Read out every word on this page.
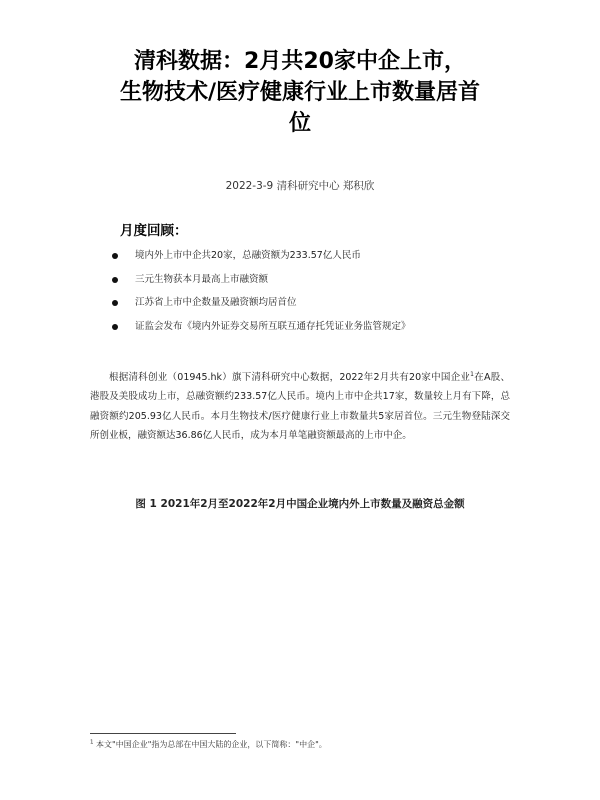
清科数据：2月共20家中企上市，
生物技术/医疗健康行业上市数量居首
位
2022-3-9 清科研究中心 郑积欣
月度回顾：
境内外上市中企共20家，总融资额为233.57亿人民币
三元生物获本月最高上市融资额
江苏省上市中企数量及融资额均居首位
证监会发布《境内外证券交易所互联互通存托凭证业务监管规定》

根据清科创业（01945.hk）旗下清科研究中心数据，2022年2月共有20家中国企业$^1$在A股、港股及美股成功上市，总融资额约233.57亿人民币。境内上市中企共17家，数量较上月有下降，总融资额约205.93亿人民币。本月生物技术/医疗健康行业上市数量共5家居首位。三元生物登陆深交所创业板，融资额达36.86亿人民币，成为本月单笔融资额最高的上市中企。

图 1 2021年2月至2022年2月中国企业境内外上市数量及融资总金额
$^1$ 本文"中国企业"指为总部在中国大陆的企业，以下简称："中企"。
